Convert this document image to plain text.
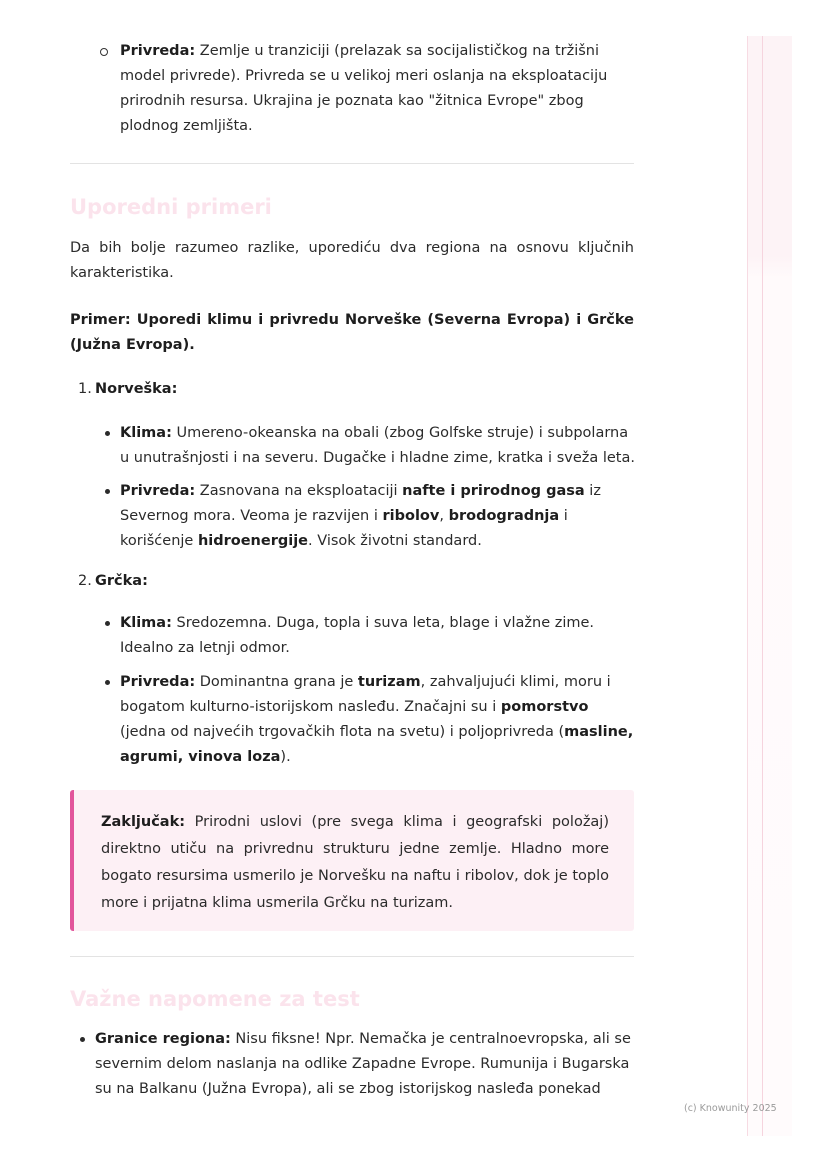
Privreda: Zemlje u tranziciji (prelazak sa socijalističkog na tržišni model privrede). Privreda se u velikoj meri oslanja na eksploataciju prirodnih resursa. Ukrajina je poznata kao "žitnica Evrope" zbog plodnog zemljišta.
Uporedni primeri
Da bih bolje razumeo razlike, uporediću dva regiona na osnovu ključnih karakteristika.
Primer: Uporedi klimu i privredu Norveške (Severna Evropa) i Grčke (Južna Evropa).
1. Norveška:
Klima: Umereno-okeanska na obali (zbog Golfske struje) i subpolarna u unutrašnjosti i na severu. Dugačke i hladne zime, kratka i sveža leta.
Privreda: Zasnovana na eksploataciji nafte i prirodnog gasa iz Severnog mora. Veoma je razvijen i ribolov, brodogradnja i korišćenje hidroenergije. Visok životni standard.
2. Grčka:
Klima: Sredozemna. Duga, topla i suva leta, blage i vlažne zime. Idealno za letnji odmor.
Privreda: Dominantna grana je turizam, zahvaljujući klimi, moru i bogatom kulturno-istorijskom nasleđu. Značajni su i pomorstvo (jedna od najvećih trgovačkih flota na svetu) i poljoprivreda (masline, agrumi, vinova loza).
Zaključak: Prirodni uslovi (pre svega klima i geografski položaj) direktno utiču na privrednu strukturu jedne zemlje. Hladno more bogato resursima usmerilo je Norvešku na naftu i ribolov, dok je toplo more i prijatna klima usmerila Grčku na turizam.
Važne napomene za test
Granice regiona: Nisu fiksne! Npr. Nemačka je centralnoevropska, ali se severnim delom naslanja na odlike Zapadne Evrope. Rumunija i Bugarska su na Balkanu (Južna Evropa), ali se zbog istorijskog nasleđa ponekad
(c) Knowunity 2025
